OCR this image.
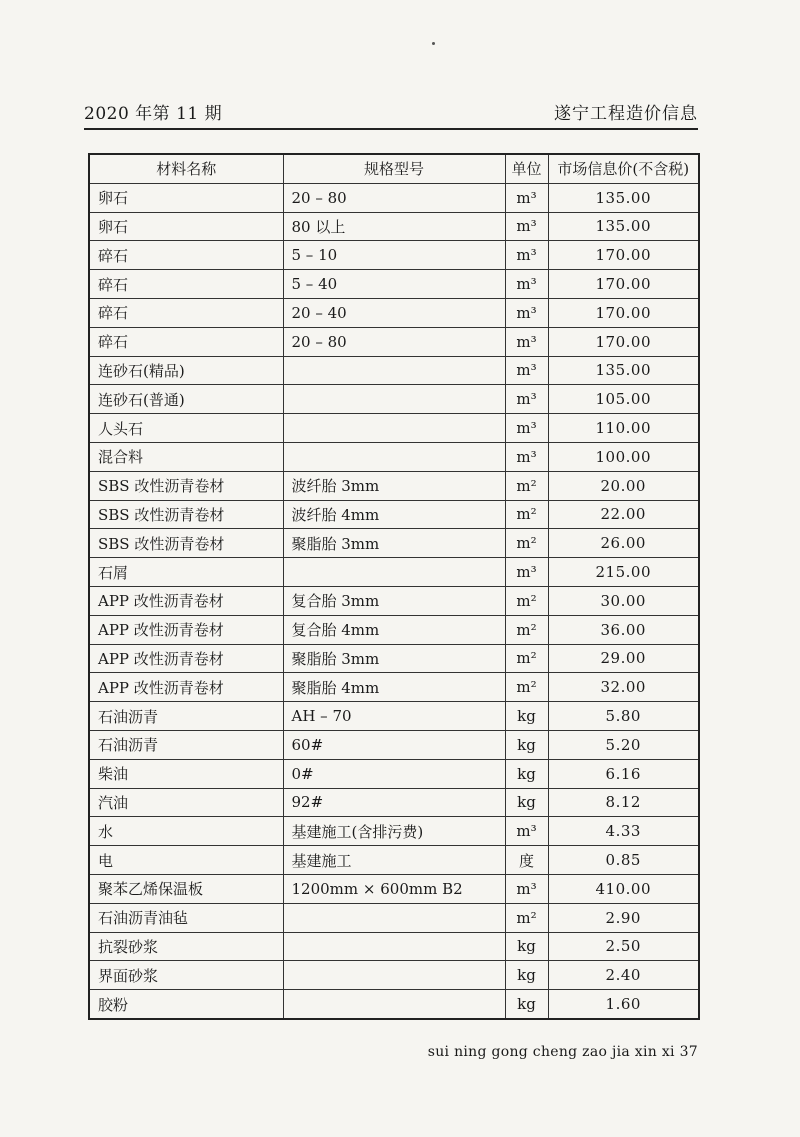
2020 年第 11 期	遂宁工程造价信息
材料名称	规格型号	单位	市场信息价(不含税)
卵石	20 – 80	m³	135.00
卵石	80 以上	m³	135.00
碎石	5 – 10	m³	170.00
碎石	5 – 40	m³	170.00
碎石	20 – 40	m³	170.00
碎石	20 – 80	m³	170.00
连砂石(精品)		m³	135.00
连砂石(普通)		m³	105.00
人头石		m³	110.00
混合料		m³	100.00
SBS 改性沥青卷材	波纤胎 3mm	m²	20.00
SBS 改性沥青卷材	波纤胎 4mm	m²	22.00
SBS 改性沥青卷材	聚脂胎 3mm	m²	26.00
石屑		m³	215.00
APP 改性沥青卷材	复合胎 3mm	m²	30.00
APP 改性沥青卷材	复合胎 4mm	m²	36.00
APP 改性沥青卷材	聚脂胎 3mm	m²	29.00
APP 改性沥青卷材	聚脂胎 4mm	m²	32.00
石油沥青	AH – 70	kg	5.80
石油沥青	60#	kg	5.20
柴油	0#	kg	6.16
汽油	92#	kg	8.12
水	基建施工(含排污费)	m³	4.33
电	基建施工	度	0.85
聚苯乙烯保温板	1200mm × 600mm B2	m³	410.00
石油沥青油毡		m²	2.90
抗裂砂浆		kg	2.50
界面砂浆		kg	2.40
胶粉		kg	1.60
sui ning gong cheng zao jia xin xi 37
